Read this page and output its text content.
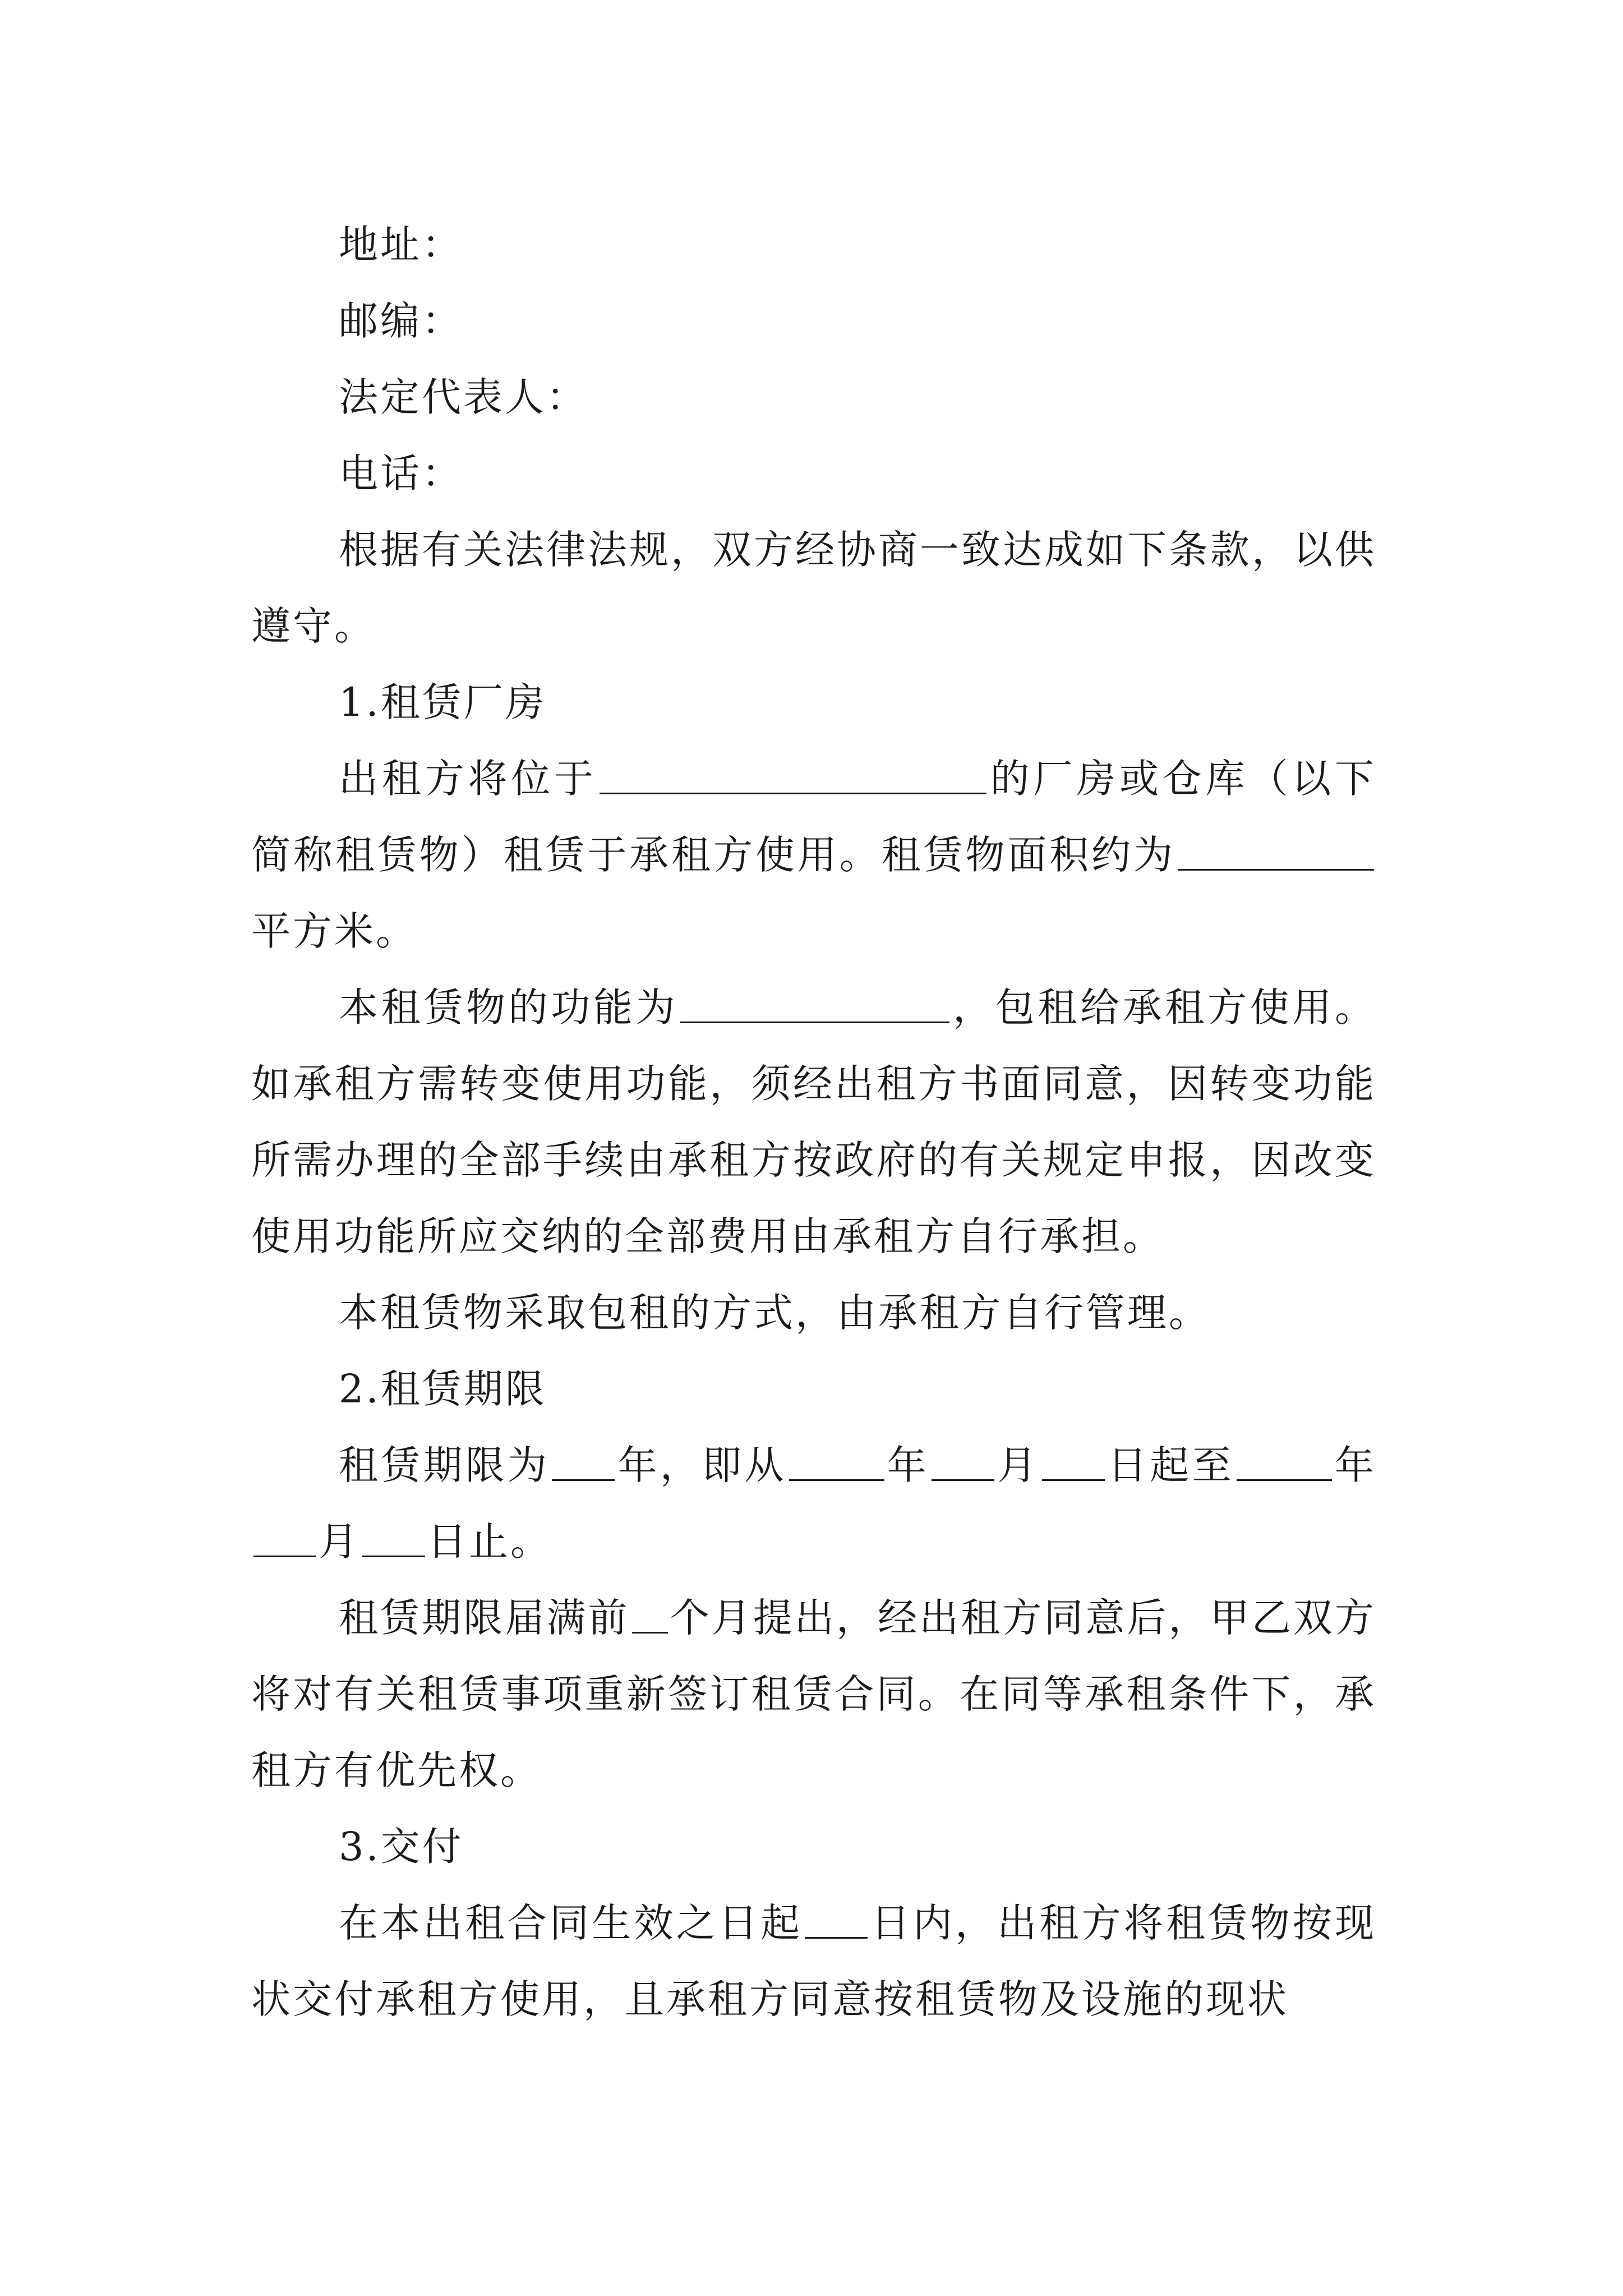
地址：

邮编：

法定代表人：

电话：

根据有关法律法规，双方经协商一致达成如下条款，以供遵守。

1.租赁厂房

出租方将位于	的厂房或仓库（以下简称租赁物）租赁于承租方使用。租赁物面积约为平方米。

本租赁物的功能为	，包租给承租方使用。如承租方需转变使用功能，须经出租方书面同意，因转变功能所需办理的全部手续由承租方按政府的有关规定申报，因改变使用功能所应交纳的全部费用由承租方自行承担。

本租赁物采取包租的方式，由承租方自行管理。

2.租赁期限

租赁期限为 年，即从	年 月 日起至	年月 日止。

租赁期限届满前 个月提出，经出租方同意后，甲乙双方将对有关租赁事项重新签订租赁合同。在同等承租条件下，承租方有优先权。

3.交付

在本出租合同生效之日起 日内，出租方将租赁物按现状交付承租方使用，且承租方同意按租赁物及设施的现状
